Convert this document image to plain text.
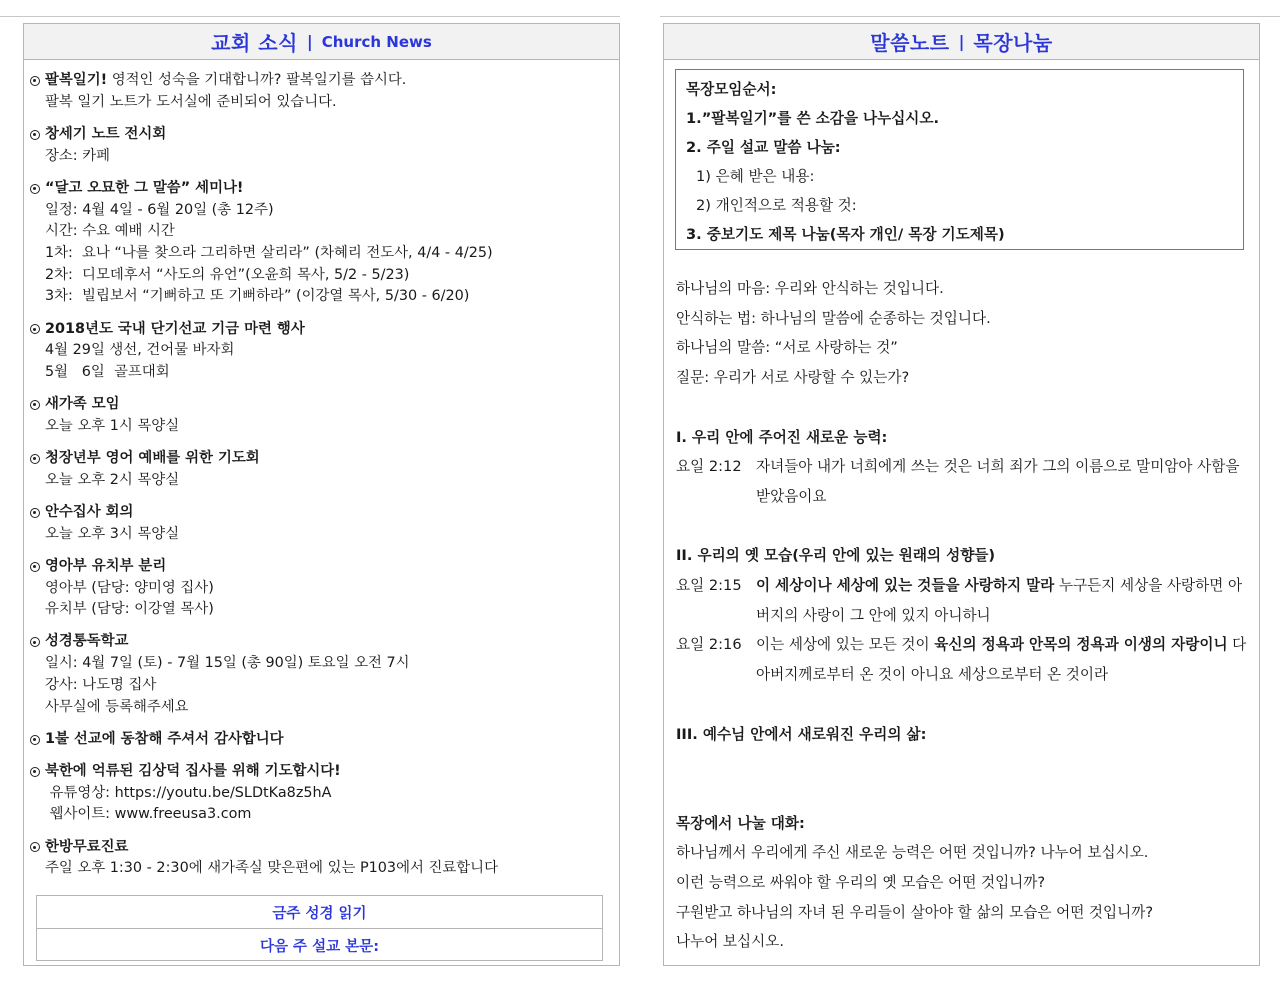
교회 소식 | Church News
팔복일기! 영적인 성숙을 기대합니까? 팔복일기를 씁시다.
팔복 일기 노트가 도서실에 준비되어 있습니다.
창세기 노트 전시회
장소: 카페
“달고 오묘한 그 말씀” 세미나!
일정: 4월 4일 - 6월 20일 (총 12주)
시간: 수요 예배 시간
1차:  요나 “나를 찾으라 그리하면 살리라” (차혜리 전도사, 4/4 - 4/25)
2차:  디모데후서 “사도의 유언”(오윤희 목사, 5/2 - 5/23)
3차:  빌립보서 “기뻐하고 또 기뻐하라” (이강열 목사, 5/30 - 6/20)
2018년도 국내 단기선교 기금 마련 행사
4월 29일 생선, 건어물 바자회
5월   6일  골프대회
새가족 모임
오늘 오후 1시 목양실
청장년부 영어 예배를 위한 기도회
오늘 오후 2시 목양실
안수집사 회의
오늘 오후 3시 목양실
영아부 유치부 분리
영아부 (담당: 양미영 집사)
유치부 (담당: 이강열 목사)
성경통독학교
일시: 4월 7일 (토) - 7월 15일 (총 90일) 토요일 오전 7시
강사: 나도명 집사
사무실에 등록해주세요
1불 선교에 동참해 주셔서 감사합니다
북한에 억류된 김상덕 집사를 위해 기도합시다!
유튜영상: https://youtu.be/SLDtKa8z5hA
웹사이트: www.freeusa3.com
한방무료진료
주일 오후 1:30 - 2:30에 새가족실 맞은편에 있는 P103에서 진료합니다
금주 성경 읽기
다음 주 설교 본문:
말씀노트 | 목장나눔
목장모임순서:
1.”팔복일기”를 쓴 소감을 나누십시오.
2. 주일 설교 말씀 나눔:
1) 은혜 받은 내용:
2) 개인적으로 적용할 것:
3. 중보기도 제목 나눔(목자 개인/ 목장 기도제목)
하나님의 마음: 우리와 안식하는 것입니다.
안식하는 법: 하나님의 말씀에 순종하는 것입니다.
하나님의 말씀: “서로 사랑하는 것”
질문: 우리가 서로 사랑할 수 있는가?
I. 우리 안에 주어진 새로운 능력:
요일 2:12 자녀들아 내가 너희에게 쓰는 것은 너희 죄가 그의 이름으로 말미암아 사함을 받았음이요
II. 우리의 옛 모습(우리 안에 있는 원래의 성향들)
요일 2:15 이 세상이나 세상에 있는 것들을 사랑하지 말라 누구든지 세상을 사랑하면 아버지의 사랑이 그 안에 있지 아니하니
요일 2:16 이는 세상에 있는 모든 것이 육신의 정욕과 안목의 정욕과 이생의 자랑이니 다 아버지께로부터 온 것이 아니요 세상으로부터 온 것이라
III. 예수님 안에서 새로워진 우리의 삶:
목장에서 나눌 대화:
하나님께서 우리에게 주신 새로운 능력은 어떤 것입니까? 나누어 보십시오.
이런 능력으로 싸워야 할 우리의 옛 모습은 어떤 것입니까?
구원받고 하나님의 자녀 된 우리들이 살아야 할 삶의 모습은 어떤 것입니까?
나누어 보십시오.
